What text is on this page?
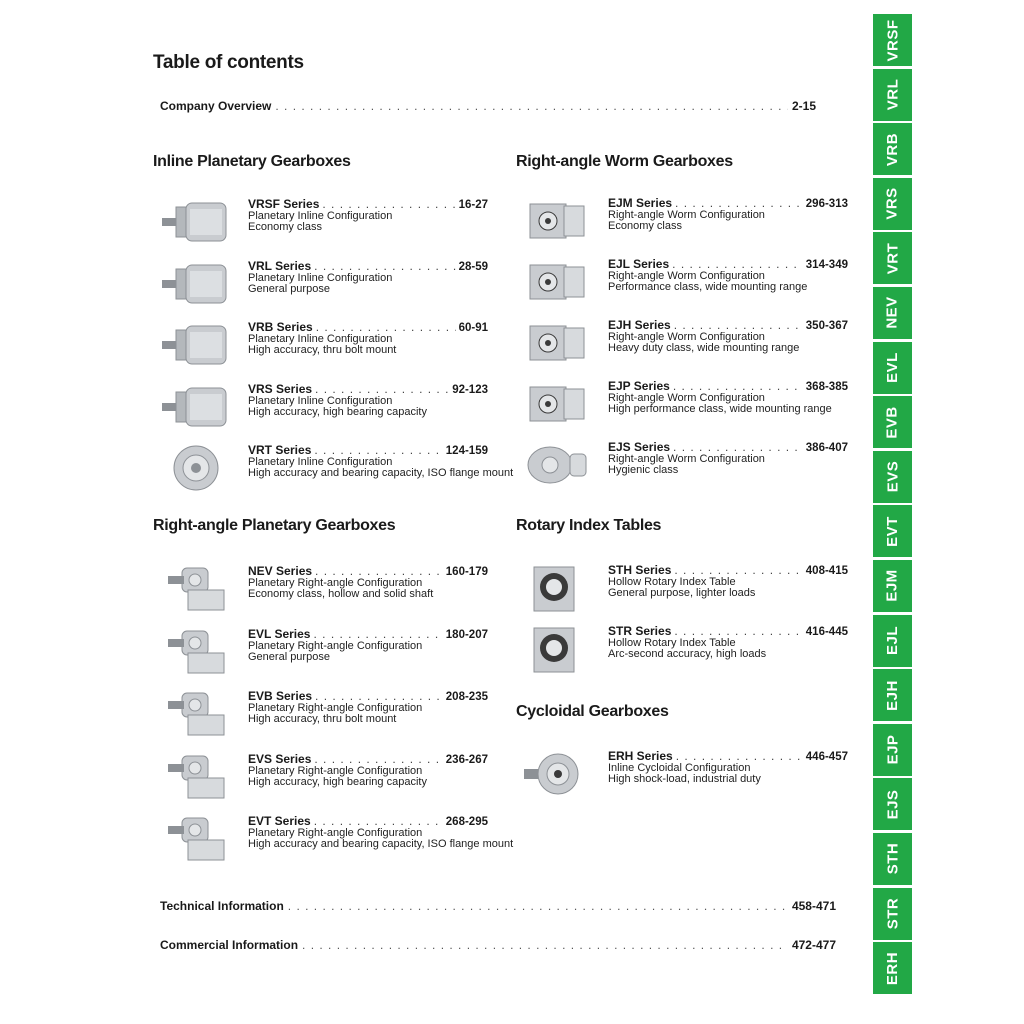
Table of contents
Company Overview . . .	2-15
Inline Planetary Gearboxes	Right-angle Worm Gearboxes
Right-angle Planetary Gearboxes	Rotary Index Tables
Cycloidal Gearboxes
VRSF Series . . .	16-27
Planetary Inline Configuration
Economy class
VRL Series . . .	28-59
Planetary Inline Configuration
General purpose
VRB Series . . .	60-91
Planetary Inline Configuration
High accuracy, thru bolt mount
VRS Series . . .	92-123
Planetary Inline Configuration
High accuracy, high bearing capacity
VRT Series . . .	124-159
Planetary Inline Configuration
High accuracy and bearing capacity, ISO flange mount
NEV Series . . .	160-179
Planetary Right-angle Configuration
Economy class, hollow and solid shaft
EVL Series . . .	180-207
Planetary Right-angle Configuration
General purpose
EVB Series . . .	208-235
Planetary Right-angle Configuration
High accuracy, thru bolt mount
EVS Series . . .	236-267
Planetary Right-angle Configuration
High accuracy, high bearing capacity
EVT Series . . .	268-295
Planetary Right-angle Configuration
High accuracy and bearing capacity, ISO flange mount
EJM Series . . .	296-313
Right-angle Worm Configuration
Economy class
EJL Series . . .	314-349
Right-angle Worm Configuration
Performance class, wide mounting range
EJH Series . . .	350-367
Right-angle Worm Configuration
Heavy duty class, wide mounting range
EJP Series . . .	368-385
Right-angle Worm Configuration
High performance class, wide mounting range
EJS Series . . .	386-407
Right-angle Worm Configuration
Hygienic class
STH Series . . .	408-415
Hollow Rotary Index Table
General purpose, lighter loads
STR Series . . .	416-445
Hollow Rotary Index Table
Arc-second accuracy, high loads
ERH Series . . .	446-457
Inline Cycloidal Configuration
High shock-load, industrial duty
Technical Information . . .	458-471
Commercial Information . . .	472-477
VRSF
VRL
VRB
VRS
VRT
NEV
EVL
EVB
EVS
EVT
EJM
EJL
EJH
EJP
EJS
STH
STR
ERH
